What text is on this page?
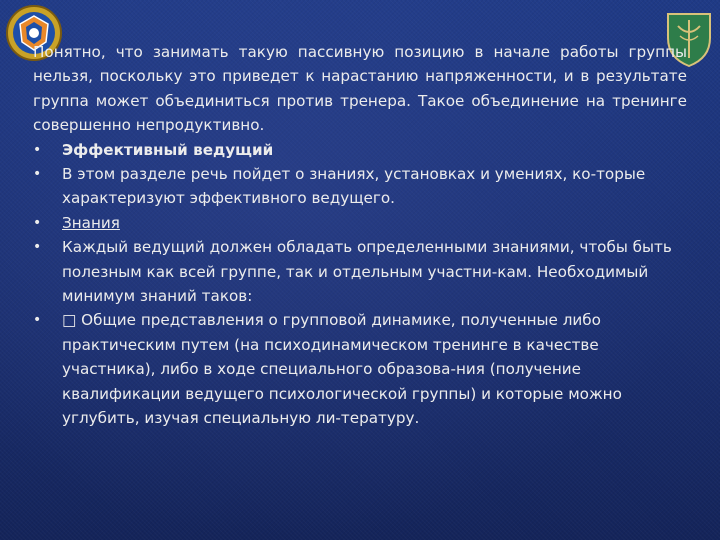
Понятно, что занимать такую пассивную позицию в начале работы группы нельзя, поскольку это приведет к нарастанию напряженности, и в результате группа может объединиться против тренера. Такое объединение на тренинге совершенно непродуктивно.

• Эффективный ведущий
• В этом разделе речь пойдет о знаниях, установках и умениях, ко-торые характеризуют эффективного ведущего.
• Знания
• Каждый ведущий должен обладать определенными знаниями, чтобы быть полезным как всей группе, так и отдельным участни-кам. Необходимый минимум знаний таков:
• □ Общие представления о групповой динамике, полученные либо практическим путем (на психодинамическом тренинге в качестве участника), либо в ходе специального образова-ния (получение квалификации ведущего психологической группы) и которые можно углубить, изучая специальную ли-тературу.
